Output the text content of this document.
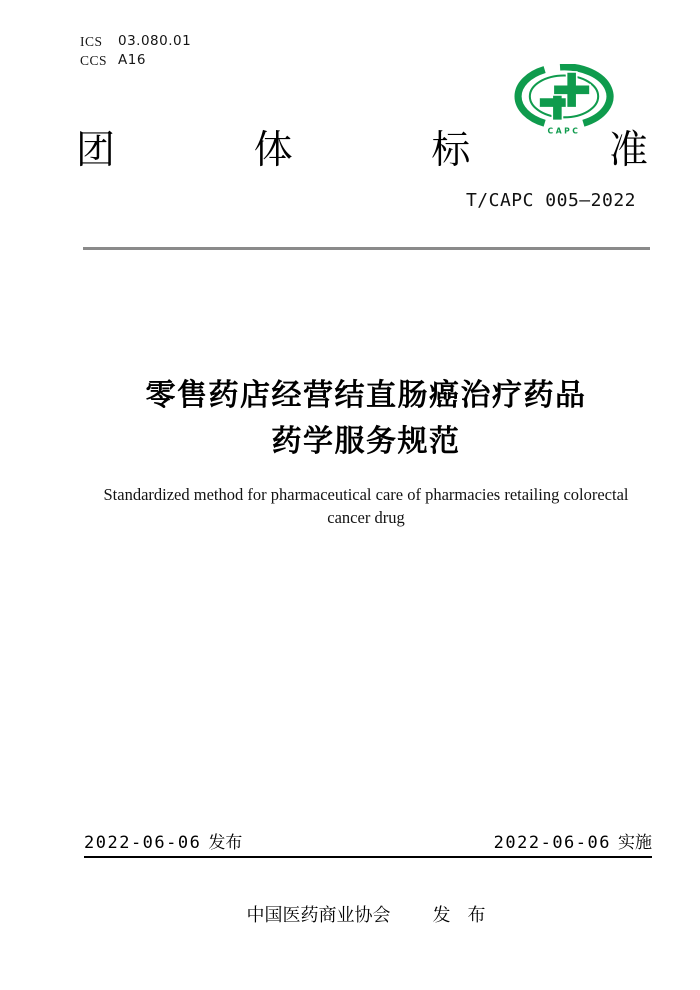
ICS	03.080.01
CCS A16
CAPC
团	体	标	准
T/CAPC 005—2022
零售药店经营结直肠癌治疗药品
药学服务规范
Standardized method for pharmaceutical care of pharmacies retailing colorectal
cancer drug
2022-06-06 发布	2022-06-06 实施
中国医药商业协会 发 布
